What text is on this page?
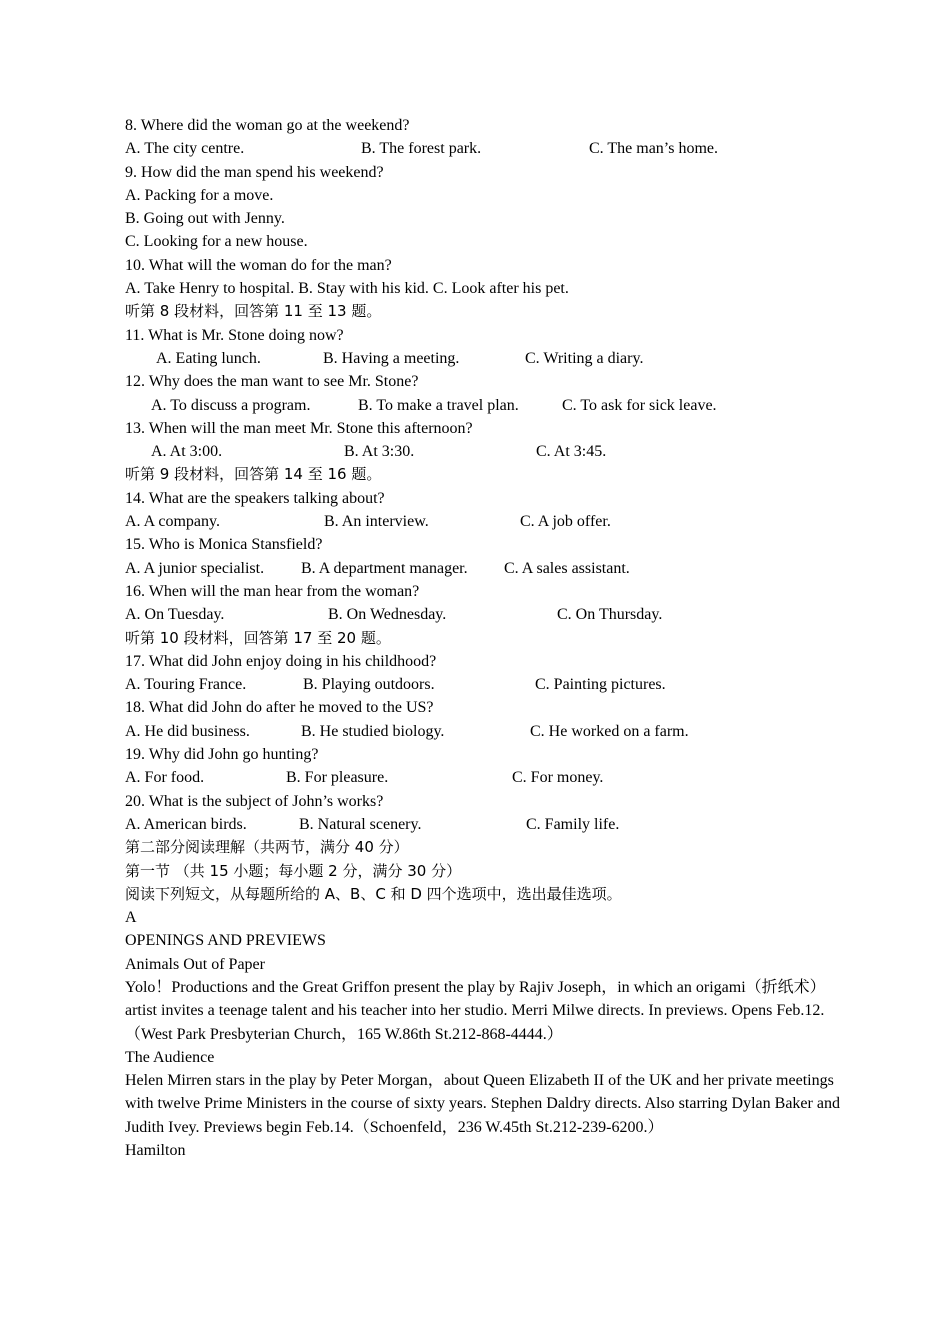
8. Where did the woman go at the weekend?
A. The city centre.	B. The forest park.	C. The man’s home.
9. How did the man spend his weekend?
A. Packing for a move.
B. Going out with Jenny.
C. Looking for a new house.
10. What will the woman do for the man?
A. Take Henry to hospital. B. Stay with his kid. C. Look after his pet.
听第 8 段材料，回答第 11 至 13 题。
11. What is Mr. Stone doing now?
A. Eating lunch.	B. Having a meeting.	C. Writing a diary.
12. Why does the man want to see Mr. Stone?
A. To discuss a program.	B. To make a travel plan.	C. To ask for sick leave.
13. When will the man meet Mr. Stone this afternoon?
A. At 3:00.	B. At 3:30.	C. At 3:45.
听第 9 段材料，回答第 14 至 16 题。
14. What are the speakers talking about?
A. A company.	B. An interview.	C. A job offer.
15. Who is Monica Stansfield?
A. A junior specialist. B. A department manager. C. A sales assistant.
16. When will the man hear from the woman?
A. On Tuesday.	B. On Wednesday.	C. On Thursday.
听第 10 段材料，回答第 17 至 20 题。
17. What did John enjoy doing in his childhood?
A. Touring France.	B. Playing outdoors.	C. Painting pictures.
18. What did John do after he moved to the US?
A. He did business.	B. He studied biology.	C. He worked on a farm.
19. Why did John go hunting?
A. For food.	B. For pleasure.	C. For money.
20. What is the subject of John’s works?
A. American birds.	B. Natural scenery.	C. Family life.
第二部分阅读理解（共两节，满分 40 分）
第一节 （共 15 小题；每小题 2 分，满分 30 分）
阅读下列短文，从每题所给的 A、B、C 和 D 四个选项中，选出最佳选项。
A
OPENINGS AND PREVIEWS
Animals Out of Paper
Yolo！Productions and the Great Griffon present the play by Rajiv Joseph，in which an origami（折纸术）artist invites a teenage talent and his teacher into her studio. Merri Milwe directs. In previews. Opens Feb.12.（West Park Presbyterian Church，165 W.86th St.212-868-4444.）
The Audience
Helen Mirren stars in the play by Peter Morgan，about Queen Elizabeth II of the UK and her private meetings with twelve Prime Ministers in the course of sixty years. Stephen Daldry directs. Also starring Dylan Baker and Judith Ivey. Previews begin Feb.14.（Schoenfeld，236 W.45th St.212-239-6200.）
Hamilton
